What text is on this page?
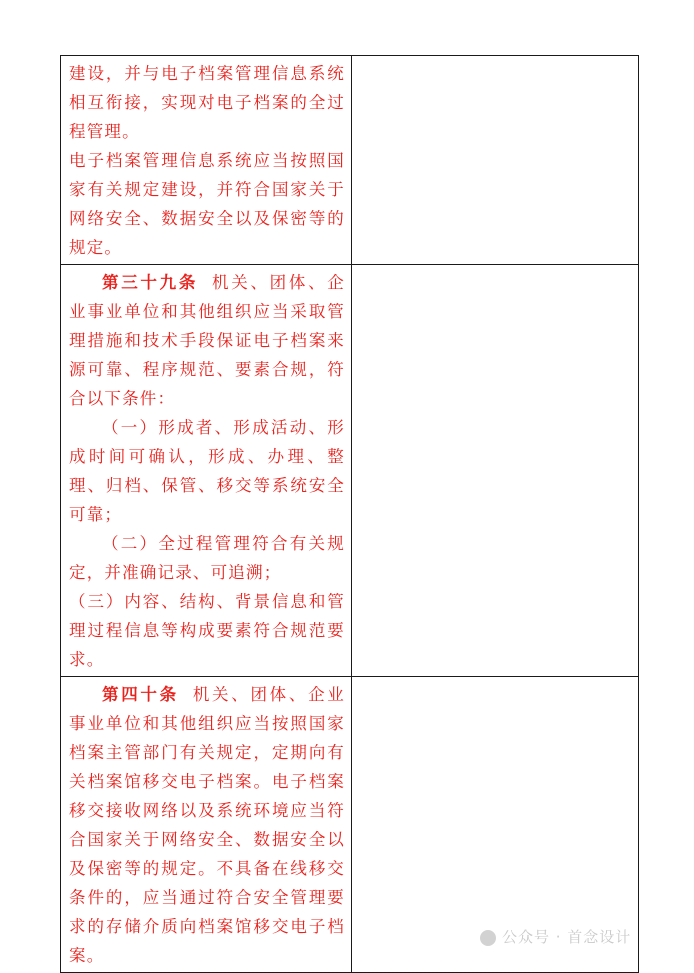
建设，并与电子档案管理信息系统相互衔接，实现对电子档案的全过程管理。

电子档案管理信息系统应当按照国家有关规定建设，并符合国家关于网络安全、数据安全以及保密等的规定。	

第三十九条 机关、团体、企业事业单位和其他组织应当采取管理措施和技术手段保证电子档案来源可靠、程序规范、要素合规，符合以下条件：

（一）形成者、形成活动、形成时间可确认，形成、办理、整理、归档、保管、移交等系统安全可靠；

（二）全过程管理符合有关规定，并准确记录、可追溯；

（三）内容、结构、背景信息和管理过程信息等构成要素符合规范要求。	

第四十条 机关、团体、企业事业单位和其他组织应当按照国家档案主管部门有关规定，定期向有关档案馆移交电子档案。电子档案移交接收网络以及系统环境应当符合国家关于网络安全、数据安全以及保密等的规定。不具备在线移交条件的，应当通过符合安全管理要求的存储介质向档案馆移交电子档案。	

公众号 · 首念设计
